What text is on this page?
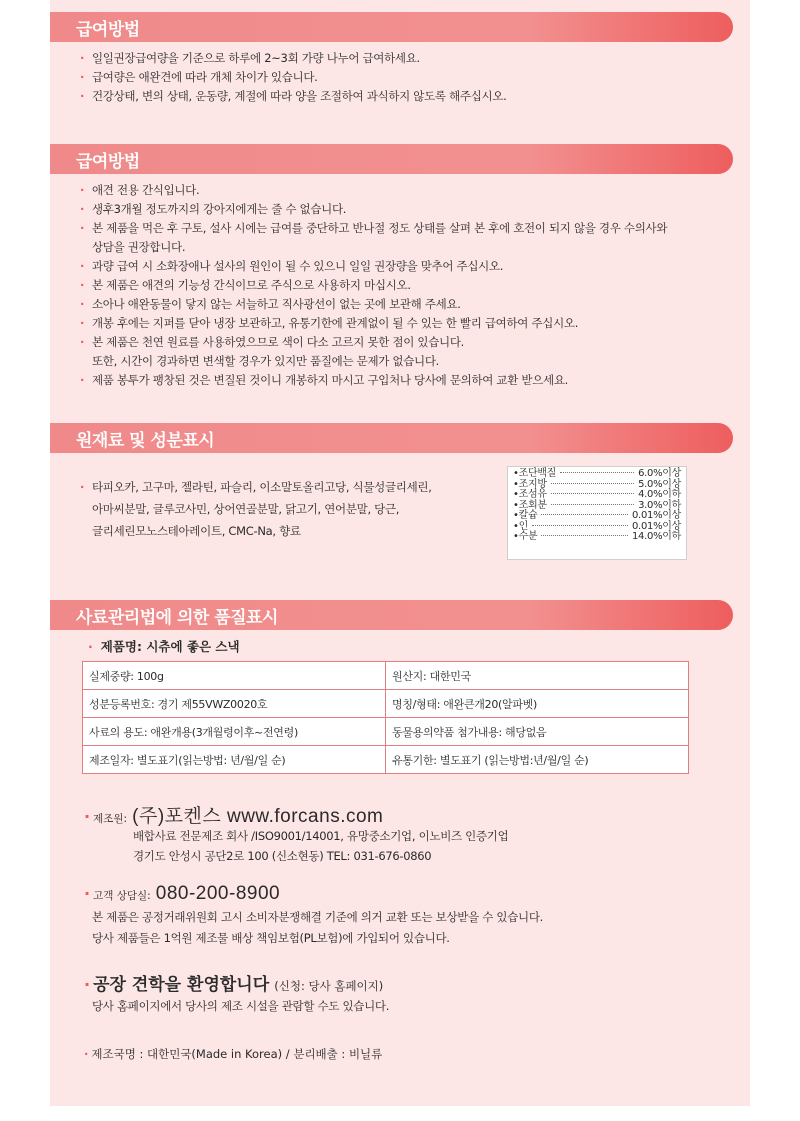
급여방법
· 일일권장급여량을 기준으로 하루에 2~3회 가량 나누어 급여하세요.
· 급여량은 애완견에 따라 개체 차이가 있습니다.
· 건강상태, 변의 상태, 운동량, 계절에 따라 양을 조절하여 과식하지 않도록 해주십시오.
급여방법
· 애견 전용 간식입니다.
· 생후3개월 정도까지의 강아지에게는 줄 수 없습니다.
· 본 제품을 먹은 후 구토, 설사 시에는 급여를 중단하고 반나절 정도 상태를 살펴 본 후에 호전이 되지 않을 경우 수의사와
상담을 권장합니다.
· 과량 급여 시 소화장애나 설사의 원인이 될 수 있으니 일일 권장량을 맞추어 주십시오.
· 본 제품은 애견의 기능성 간식이므로 주식으로 사용하지 마십시오.
· 소아나 애완동물이 닿지 않는 서늘하고 직사광선이 없는 곳에 보관해 주세요.
· 개봉 후에는 지퍼를 닫아 냉장 보관하고, 유통기한에 관계없이 될 수 있는 한 빨리 급여하여 주십시오.
· 본 제품은 천연 원료를 사용하였으므로 색이 다소 고르지 못한 점이 있습니다.
또한, 시간이 경과하면 변색할 경우가 있지만 품질에는 문제가 없습니다.
· 제품 봉투가 팽창된 것은 변질된 것이니 개봉하지 마시고 구입처나 당사에 문의하여 교환 받으세요.
원재료 및 성분표시
· 타피오카, 고구마, 젤라틴, 파슬리, 이소말토올리고당, 식물성글리세린,
아마씨분말, 글루코사민, 상어연골분말, 닭고기, 연어분말, 당근,
글리세린모노스테아레이트, CMC-Na, 향료
•조단백질	6.0%이상
•조지방	5.0%이상
•조섬유	4.0%이하
•조회분	3.0%이하
•칼슘	0.01%이상
•인	0.01%이상
•수분	14.0%이하
사료관리법에 의한 품질표시
· 제품명: 시츄에 좋은 스낵
실제중량: 100g	원산지: 대한민국
성분등록번호: 경기 제55VWZ0020호	명칭/형태: 애완큰개20(알파벳)
사료의 용도: 애완개용(3개월령이후~전연령)	동물용의약품 첨가내용: 해당없음
제조일자: 별도표기(읽는방법: 년/월/일 순)	유통기한: 별도표기 (읽는방법:년/월/일 순)
· 제조원: (주)포켄스 www.forcans.com
배합사료 전문제조 회사 /ISO9001/14001, 유망중소기업, 이노비즈 인증기업
경기도 안성시 공단2로 100 (신소현동) TEL: 031-676-0860
· 고객 상담실: 080-200-8900
본 제품은 공정거래위원회 고시 소비자분쟁해결 기준에 의거 교환 또는 보상받을 수 있습니다.
당사 제품들은 1억원 제조물 배상 책임보험(PL보험)에 가입되어 있습니다.
· 공장 견학을 환영합니다 (신청: 당사 홈페이지)
당사 홈페이지에서 당사의 제조 시설을 관람할 수도 있습니다.
· 제조국명 : 대한민국(Made in Korea) / 분리배출 : 비닐류
